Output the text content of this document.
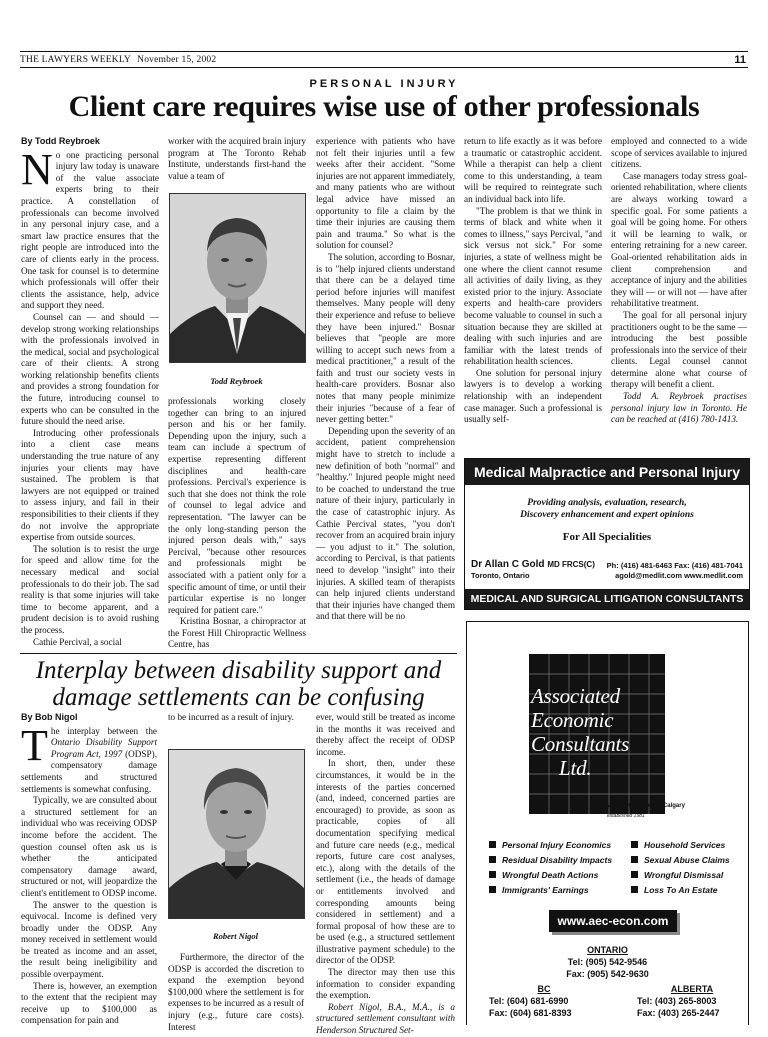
THE LAWYERS WEEKLY November 15, 2002	11
PERSONAL INJURY
Client care requires wise use of other professionals

By Todd Reybroek

No one practicing personal injury law today is unaware of the value associate experts bring to their practice. A constellation of professionals can become involved in any personal injury case, and a smart law practice ensures that the right people are introduced into the care of clients early in the process. One task for counsel is to determine which professionals will offer their clients the assistance, help, advice and support they need.

Counsel can — and should — develop strong working relationships with the professionals involved in the medical, social and psychological care of their clients. A strong working relationship benefits clients and provides a strong foundation for the future, introducing counsel to experts who can be consulted in the future should the need arise.

Introducing other professionals into a client case means understanding the true nature of any injuries your clients may have sustained. The problem is that lawyers are not equipped or trained to assess injury, and fail in their responsibilities to their clients if they do not involve the appropriate expertise from outside sources.

The solution is to resist the urge for speed and allow time for the necessary medical and social professionals to do their job. The sad reality is that some injuries will take time to become apparent, and a prudent decision is to avoid rushing the process.

Cathie Percival, a social

worker with the acquired brain injury program at The Toronto Rehab Institute, understands first-hand the value a team of

Todd Reybroek

professionals working closely together can bring to an injured person and his or her family. Depending upon the injury, such a team can include a spectrum of expertise representing different disciplines and health-care professions. Percival's experience is such that she does not think the role of counsel to legal advice and representation. "The lawyer can be the only long-standing person the injured person deals with," says Percival, "because other resources and professionals might be associated with a patient only for a specific amount of time, or until their particular expertise is no longer required for patient care."

Kristina Bosnar, a chiropractor at the Forest Hill Chiropractic Wellness Centre, has

experience with patients who have not felt their injuries until a few weeks after their accident. "Some injuries are not apparent immediately, and many patients who are without legal advice have missed an opportunity to file a claim by the time their injuries are causing them pain and trauma." So what is the solution for counsel?

The solution, according to Bosnar, is to "help injured clients understand that there can be a delayed time period before injuries will manifest themselves. Many people will deny their experience and refuse to believe they have been injured." Bosnar believes that "people are more willing to accept such news from a medical practitioner," a result of the faith and trust our society vests in health-care providers. Bosnar also notes that many people minimize their injuries "because of a fear of never getting better."

Depending upon the severity of an accident, patient comprehension might have to stretch to include a new definition of both "normal" and "healthy." Injured people might need to be coached to understand the true nature of their injury, particularly in the case of catastrophic injury. As Cathie Percival states, "you don't recover from an acquired brain injury — you adjust to it." The solution, according to Percival, is that patients need to develop "insight" into their injuries. A skilled team of therapists can help injured clients understand that their injuries have changed them and that there will be no

return to life exactly as it was before a traumatic or catastrophic accident. While a therapist can help a client come to this understanding, a team will be required to reintegrate such an individual back into life.

"The problem is that we think in terms of black and white when it comes to illness," says Percival, "and sick versus not sick." For some injuries, a state of wellness might be one where the client cannot resume all activities of daily living, as they existed prior to the injury. Associate experts and health-care providers become valuable to counsel in such a situation because they are skilled at dealing with such injuries and are familiar with the latest trends of rehabilitation health sciences.

One solution for personal injury lawyers is to develop a working relationship with an independent case manager. Such a professional is usually self-

employed and connected to a wide scope of services available to injured citizens.

Case managers today stress goal-oriented rehabilitation, where clients are always working toward a specific goal. For some patients a goal will be going home. For others it will be learning to walk, or entering retraining for a new career. Goal-oriented rehabilitation aids in client comprehension and acceptance of injury and the abilities they will — or will not — have after rehabilitative treatment.

The goal for all personal injury practitioners ought to be the same — introducing the best possible professionals into the service of their clients. Legal counsel cannot determine alone what course of therapy will benefit a client.

Todd A. Reybroek practises personal injury law in Toronto. He can be reached at (416) 780-1413.

Medical Malpractice and Personal Injury
Providing analysis, evaluation, research,
Discovery enhancement and expert opinions
For All Specialities
Dr Allan C Gold MD FRCS(C) Ph: (416) 481-6463 Fax: (416) 481-7041
Toronto, Ontario	agold@medlit.com www.medlit.com
MEDICAL AND SURGICAL LITIGATION CONSULTANTS
Interplay between disability support and
damage settlements can be confusing

By Bob Nigol

The interplay between the Ontario Disability Support Program Act, 1997 (ODSP), compensatory damage settlements and structured settlements is somewhat confusing.

Typically, we are consulted about a structured settlement for an individual who was receiving ODSP income before the accident. The question counsel often ask us is whether the anticipated compensatory damage award, structured or not, will jeopardize the client's entitlement to ODSP income.

The answer to the question is equivocal. Income is defined very broadly under the ODSP. Any money received in settlement would be treated as income and an asset, the result being ineligibility and possible overpayment.

There is, however, an exemption to the extent that the recipient may receive up to $100,000 as compensation for pain and

to be incurred as a result of injury.

Robert Nigol

Furthermore, the director of the ODSP is accorded the discretion to expand the exemption beyond $100,000 where the settlement is for expenses to be incurred as a result of injury (e.g., future care costs). Interest

ever, would still be treated as income in the months it was received and thereby affect the receipt of ODSP income.

In short, then, under these circumstances, it would be in the interests of the parties concerned (and, indeed, concerned parties are encouraged) to provide, as soon as practicable, copies of all documentation specifying medical and future care needs (e.g., medical reports, future care cost analyses, etc.), along with the details of the settlement (i.e., the heads of damage or entitlements involved and corresponding amounts being considered in settlement) and a formal proposal of how these are to be used (e.g., a structured settlement illustrative payment schedule) to the director of the ODSP.

The director may then use this information to consider expanding the exemption.

Robert Nigol, B.A., M.A., is a structured settlement consultant with Henderson Structured Set-

Associated
Economic
Consultants
Ltd.
Vancouver Toronto Calgary
established 1981
Personal Injury Economics
Residual Disability Impacts
Wrongful Death Actions
Immigrants' Earnings
Household Services
Sexual Abuse Claims
Wrongful Dismissal
Loss To An Estate
www.aec-econ.com
ONTARIO
Tel: (905) 542-9546
Fax: (905) 542-9630
BC
Tel: (604) 681-6990
Fax: (604) 681-8393
ALBERTA
Tel: (403) 265-8003
Fax: (403) 265-2447
